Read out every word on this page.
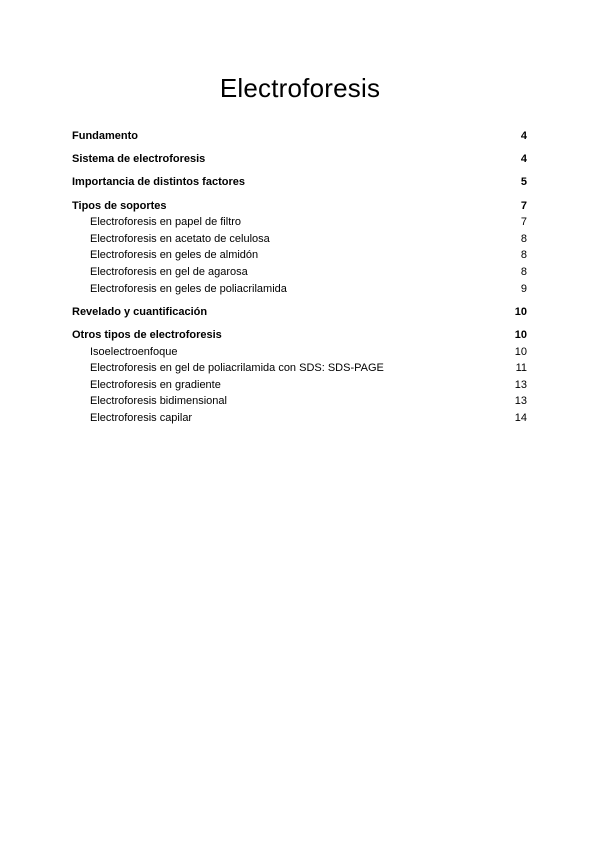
Electroforesis
Fundamento	4
Sistema de electroforesis	4
Importancia de distintos factores	5
Tipos de soportes	7
Electroforesis en papel de filtro	7
Electroforesis en acetato de celulosa	8
Electroforesis en geles de almidón	8
Electroforesis en gel de agarosa	8
Electroforesis en geles de poliacrilamida	9
Revelado y cuantificación	10
Otros tipos de electroforesis	10
Isoelectroenfoque	10
Electroforesis en gel de poliacrilamida con SDS: SDS-PAGE	11
Electroforesis en gradiente	13
Electroforesis bidimensional	13
Electroforesis capilar	14
